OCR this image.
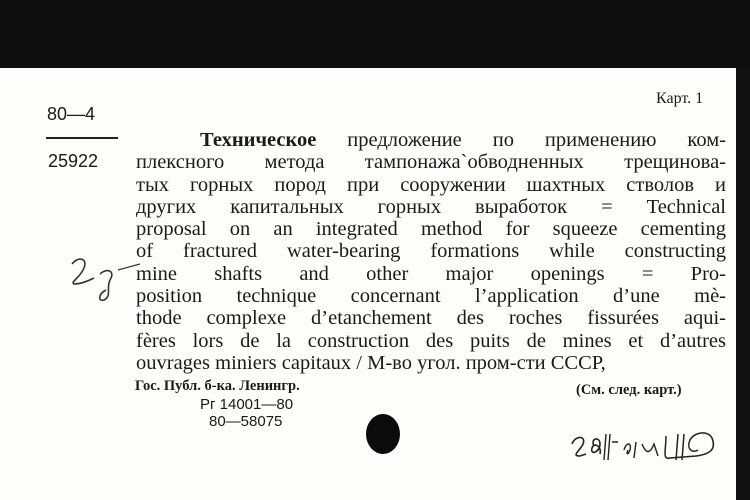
Карт. 1
80—4
25922
Техническое предложение по применению ком-
плексного метода тампонажа`обводненных трещинова-
тых горных пород при сооружении шахтных стволов и
других капитальных горных выработок = Technical
proposal on an integrated method for squeeze cementing
of fractured water-bearing formations while constructing
mine shafts and other major openings = Pro-
position technique concernant l’application d’une mè-
thode complexe d’etanchement des roches fissurées aqui-
fères lors de la construction des puits de mines et d’autres
ouvrages miniers capitaux / М-во угол. пром-сти СССР,
Гос. Публ. б-ка. Ленингр.	(См. след. карт.)
Рг 14001—80
80—58075
